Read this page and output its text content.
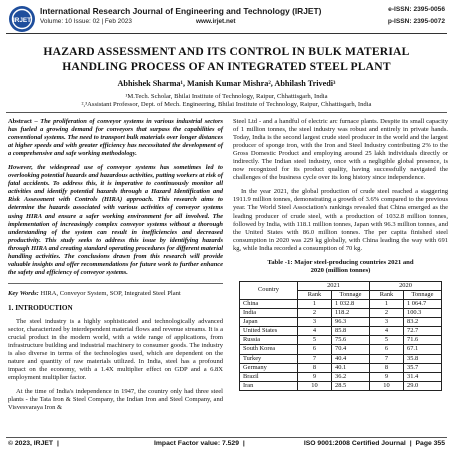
IRJET
International Research Journal of Engineering and Technology (IRJET)
Volume: 10 Issue: 02 | Feb 2023	www.irjet.net
e-ISSN: 2395-0056
p-ISSN: 2395-0072
HAZARD ASSESSMENT AND ITS CONTROL IN BULK MATERIAL
HANDLING PROCESS OF AN INTEGRATED STEEL PLANT
Abhishek Sharma¹, Manish Kumar Mishra², Abhilash Trivedi³
¹M.Tech. Scholar, Bhilai Institute of Technology, Raipur, Chhattisgarh, India
²,³Assistant Professor, Dept. of Mech. Engineering, Bhilai Institute of Technology, Raipur, Chhattisgarh, India

Abstract – The proliferation of conveyor systems in various industrial sectors has fueled a growing demand for conveyors that surpass the capabilities of conventional systems. The need to transport bulk materials over longer distances at higher speeds and with greater efficiency has necessitated the development of a comprehensive and safe working methodology.

However, the widespread use of conveyor systems has sometimes led to overlooking potential hazards and hazardous activities, putting workers at risk of fatal accidents. To address this, it is imperative to continuously monitor all activities and identify potential hazards through a Hazard Identification and Risk Assessment with Controls (HIRA) approach. This research aims to determine the hazards associated with various activities of conveyor systems using HIRA and ensure a safer working environment for all involved. The implementation of increasingly complex conveyor systems without a thorough understanding of the system can result in inefficiencies and decreased productivity. This study seeks to address this issue by identifying hazards through HIRA and creating standard operating procedures for different material handling activities. The conclusions drawn from this research will provide valuable insights and offer recommendations for future work to further enhance the safety and efficiency of conveyor systems.

Key Words: HIRA, Conveyor System, SOP, Integrated Steel Plant

1. INTRODUCTION

The steel industry is a highly sophisticated and technologically advanced sector, characterized by interdependent material flows and revenue streams. It is a crucial product in the modern world, with a wide range of applications, from infrastructure building and industrial machinery to consumer goods. The industry is also diverse in terms of the technologies used, which are dependent on the nature and quantity of raw materials utilized. In India, steel has a profound impact on the economy, with a 1.4X multiplier effect on GDP and a 6.8X employment multiplier factor.

At the time of India's independence in 1947, the country only had three steel plants - the Tata Iron & Steel Company, the Indian Iron and Steel Company, and Visvesvaraya Iron &

Steel Ltd - and a handful of electric arc furnace plants. Despite its small capacity of 1 million tonnes, the steel industry was robust and entirely in private hands. Today, India is the second largest crude steel producer in the world and the largest producer of sponge iron, with the Iron and Steel Industry contributing 2% to the Gross Domestic Product and employing around 25 lakh individuals directly or indirectly. The Indian steel industry, once with a negligible global presence, is now recognized for its product quality, having successfully navigated the challenges of the business cycle over its long history since independence.

In the year 2021, the global production of crude steel reached a staggering 1911.9 million tonnes, demonstrating a growth of 3.6% compared to the previous year. The World Steel Association's rankings revealed that China emerged as the leading producer of crude steel, with a production of 1032.8 million tonnes, followed by India, with 118.1 million tonnes, Japan with 96.3 million tonnes, and the United States with 86.0 million tonnes. The per capita finished steel consumption in 2020 was 229 kg globally, with China leading the way with 691 kg, while India recorded a consumption of 70 kg.

Table -1: Major steel-producing countries 2021 and
2020 (million tonnes)

Country	2021		2020	
	Rank	Tonnage	Rank	Tonnage
China	1	1 032.8	1	1 064.7
India	2	118.2	2	100.3
Japan	3	96.3	3	83.2
United States	4	85.8	4	72.7
Russia	5	75.6	5	71.6
South Korea	6	70.4	6	67.1
Turkey	7	40.4	7	35.8
Germany	8	40.1	8	35.7
Brazil	9	36.2	9	31.4
Iran	10	28.5	10	29.0
© 2023, IRJET |	Impact Factor value: 7.529 |	ISO 9001:2008 Certified Journal | Page 355
